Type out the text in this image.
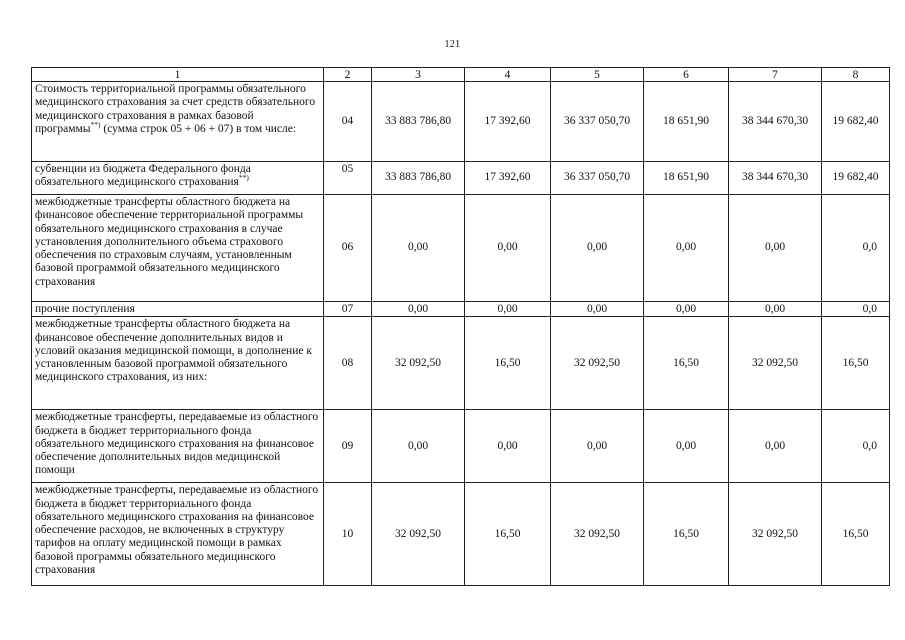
121
1	2	3	4	5	6	7	8
Стоимость территориальной программы обязательного медицинского страхования за счет средств обязательного медицинского страхования в рамках базовой программы**) (сумма строк 05 + 06 + 07) в том числе:	04	33 883 786,80	17 392,60	36 337 050,70	18 651,90	38 344 670,30	19 682,40
субвенции из бюджета Федерального фонда обязательного медицинского страхования**)	05	33 883 786,80	17 392,60	36 337 050,70	18 651,90	38 344 670,30	19 682,40
межбюджетные трансферты областного бюджета на финансовое обеспечение территориальной программы обязательного медицинского страхования в случае установления дополнительного объема страхового обеспечения по страховым случаям, установленным базовой программой обязательного медицинского страхования	06	0,00	0,00	0,00	0,00	0,00	0,0
прочие поступления	07	0,00	0,00	0,00	0,00	0,00	0,0
межбюджетные трансферты областного бюджета на финансовое обеспечение дополнительных видов и условий оказания медицинской помощи, в дополнение к установленным базовой программой обязательного медицинского страхования, из них:	08	32 092,50	16,50	32 092,50	16,50	32 092,50	16,50
межбюджетные трансферты, передаваемые из областного бюджета в бюджет территориального фонда обязательного медицинского страхования на финансовое обеспечение дополнительных видов медицинской помощи	09	0,00	0,00	0,00	0,00	0,00	0,0
межбюджетные трансферты, передаваемые из областного бюджета в бюджет территориального фонда обязательного медицинского страхования на финансовое обеспечение расходов, не включенных в структуру тарифов на оплату медицинской помощи в рамках базовой программы обязательного медицинского страхования	10	32 092,50	16,50	32 092,50	16,50	32 092,50	16,50
